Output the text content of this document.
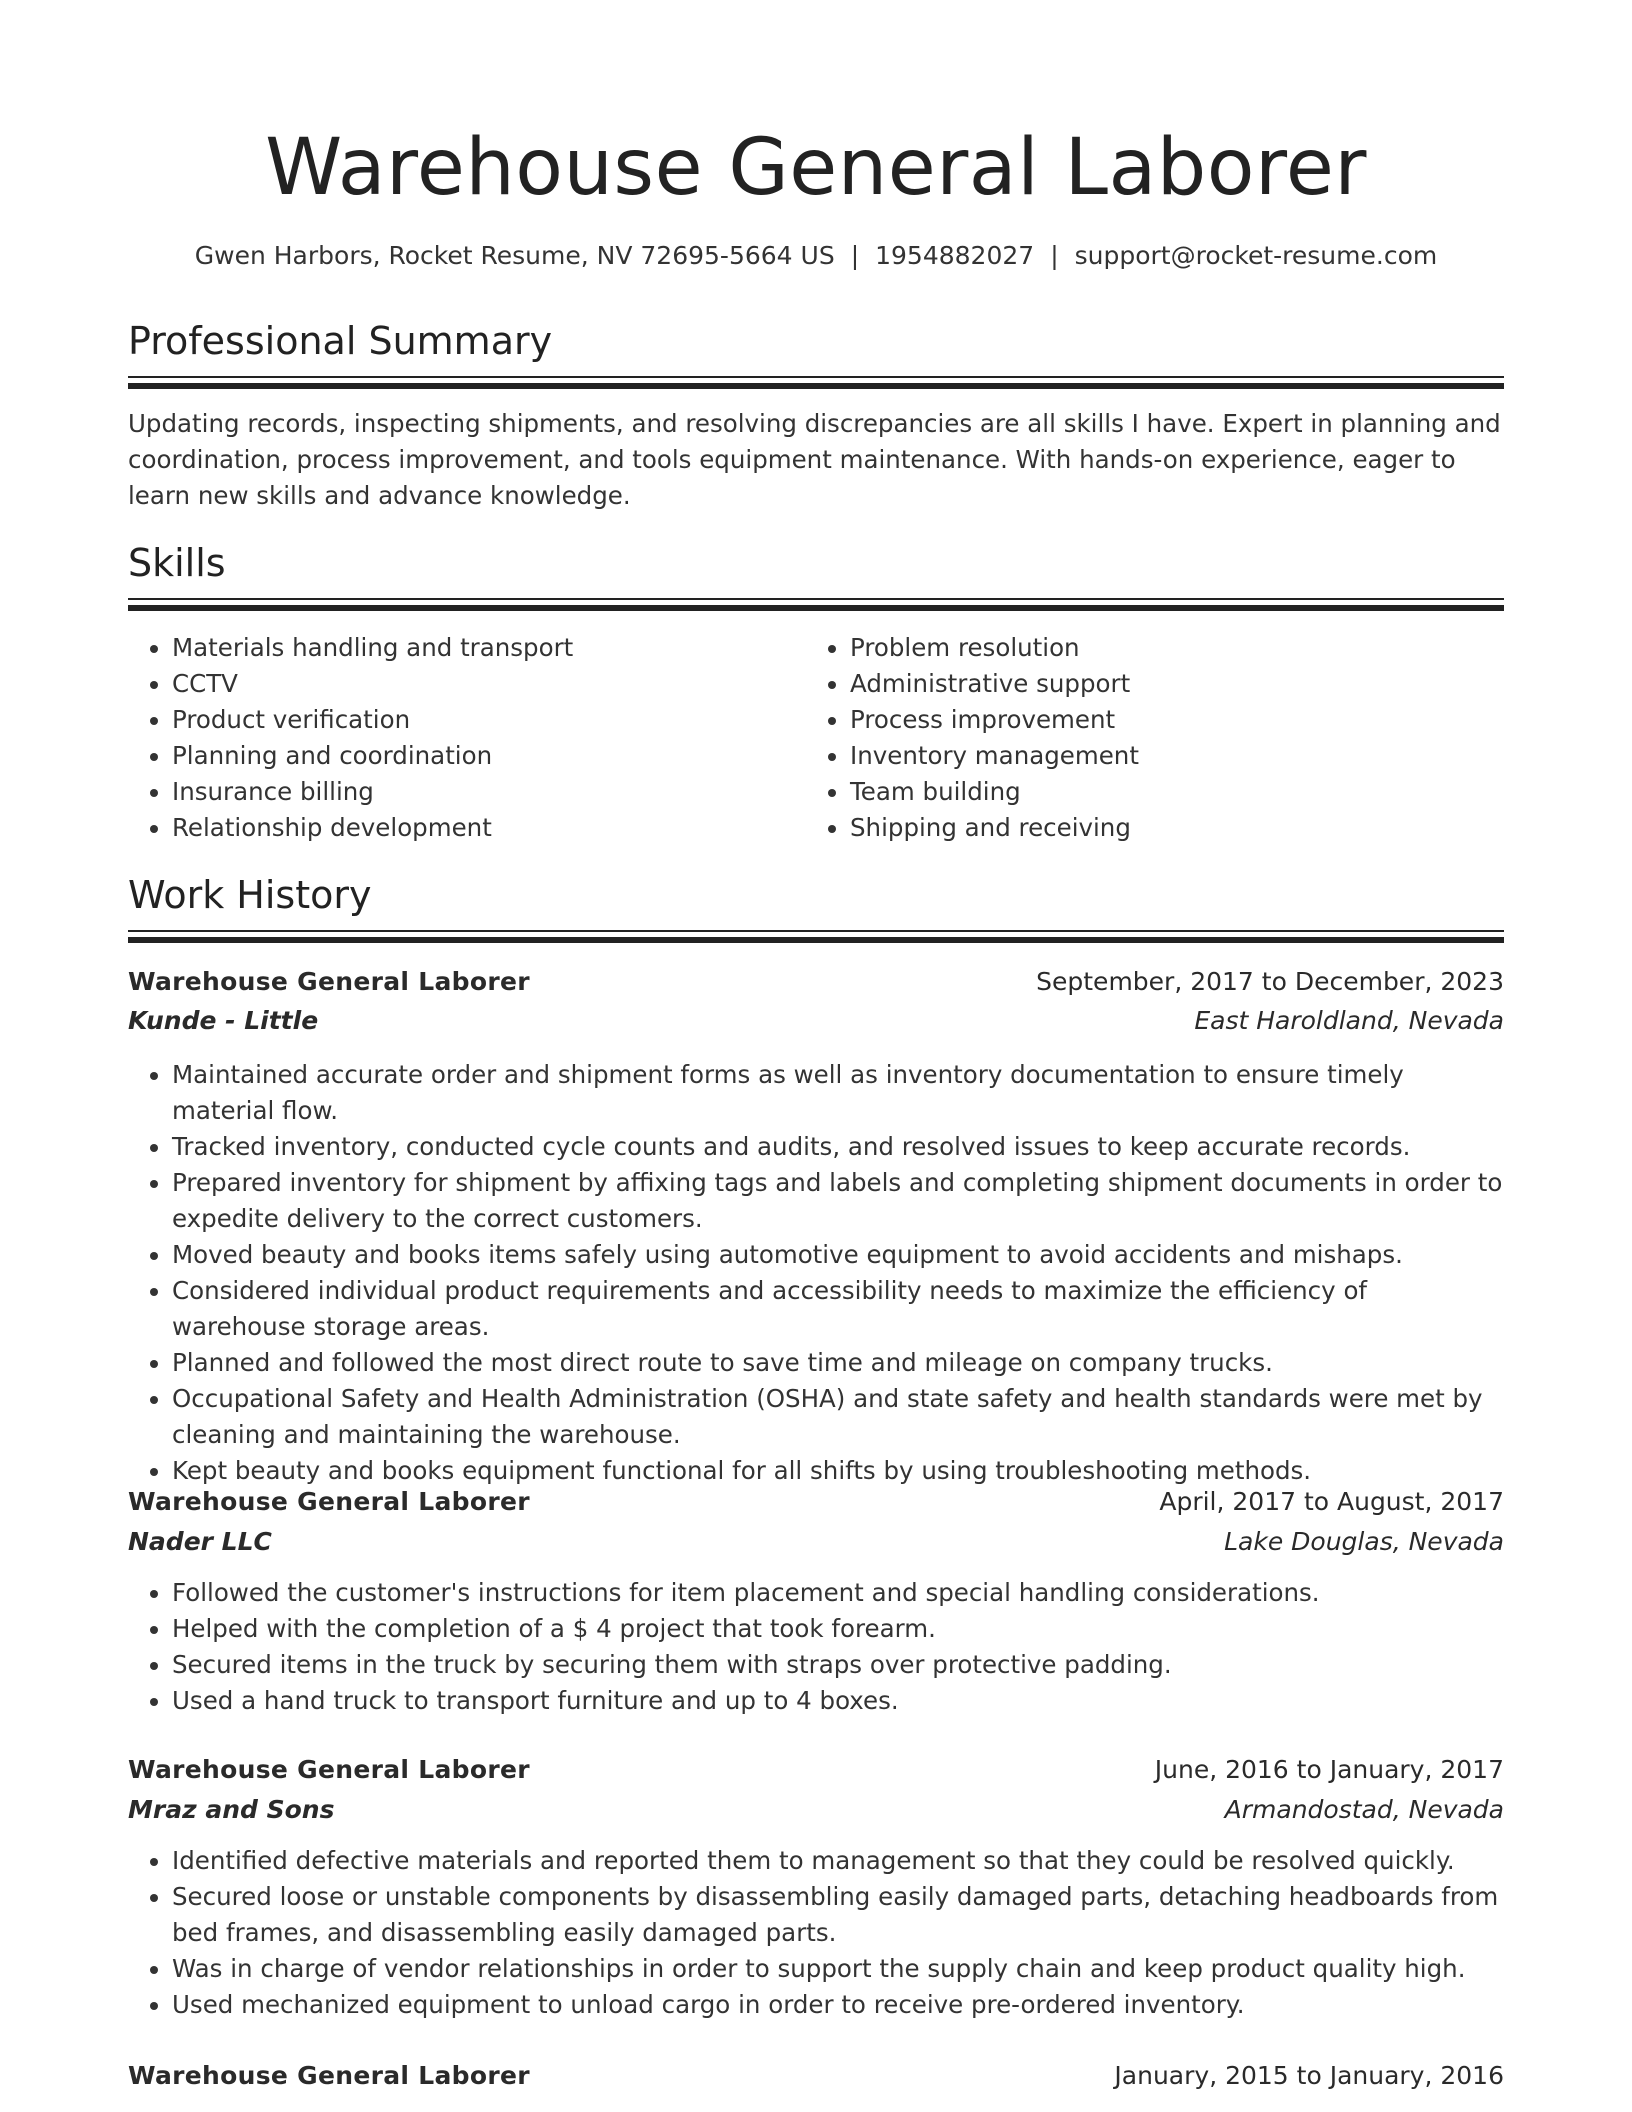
Warehouse General Laborer
Gwen Harbors, Rocket Resume, NV 72695-5664 US | 1954882027 | support@rocket-resume.com
Professional Summary

Updating records, inspecting shipments, and resolving discrepancies are all skills I have. Expert in planning and coordination, process improvement, and tools equipment maintenance. With hands-on experience, eager to learn new skills and advance knowledge.

Skills
• Materials handling and transport
• CCTV
• Product verification
• Planning and coordination
• Insurance billing
• Relationship development
• Problem resolution
• Administrative support
• Process improvement
• Inventory management
• Team building
• Shipping and receiving
Work History
Warehouse General Laborer	September, 2017 to December, 2023
Kunde - Little	East Haroldland, Nevada
• Maintained accurate order and shipment forms as well as inventory documentation to ensure timely material flow.
• Tracked inventory, conducted cycle counts and audits, and resolved issues to keep accurate records.
• Prepared inventory for shipment by affixing tags and labels and completing shipment documents in order to expedite delivery to the correct customers.
• Moved beauty and books items safely using automotive equipment to avoid accidents and mishaps.
• Considered individual product requirements and accessibility needs to maximize the efficiency of warehouse storage areas.
• Planned and followed the most direct route to save time and mileage on company trucks.
• Occupational Safety and Health Administration (OSHA) and state safety and health standards were met by cleaning and maintaining the warehouse.
• Kept beauty and books equipment functional for all shifts by using troubleshooting methods.
Warehouse General Laborer	April, 2017 to August, 2017
Nader LLC	Lake Douglas, Nevada
• Followed the customer's instructions for item placement and special handling considerations.
• Helped with the completion of a $ 4 project that took forearm.
• Secured items in the truck by securing them with straps over protective padding.
• Used a hand truck to transport furniture and up to 4 boxes.
Warehouse General Laborer	June, 2016 to January, 2017
Mraz and Sons	Armandostad, Nevada
• Identified defective materials and reported them to management so that they could be resolved quickly.
• Secured loose or unstable components by disassembling easily damaged parts, detaching headboards from bed frames, and disassembling easily damaged parts.
• Was in charge of vendor relationships in order to support the supply chain and keep product quality high.
• Used mechanized equipment to unload cargo in order to receive pre-ordered inventory.
Warehouse General Laborer	January, 2015 to January, 2016
